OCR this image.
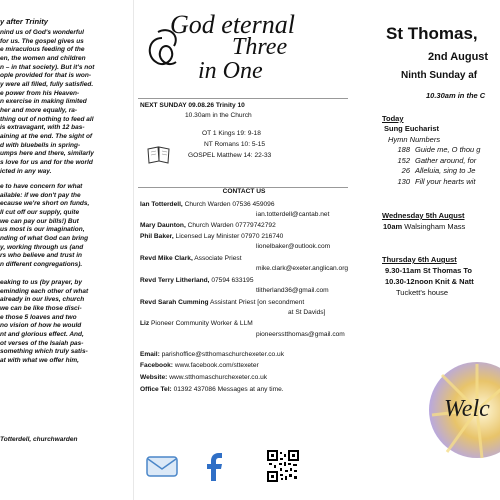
y after Trinity
nind us of God's wonderful
for us. The gospel gives us
e miraculous feeding of the
en, the women and children
n – in that society). But it's not
ople provided for that is won-
y were all filled, fully satisfied.
e power from his Heaven-
n exercise in making limited
her and more equally, ra-
thing out of nothing to feed all
is extravagant, with 12 bas-
aining at the end. The sight of
d with bluebells in spring-
umps here and there, similarly
s love for us and for the world
icted in any way.
e to have concern for what
ailable: if we don't pay the
ecause we're short on funds,
ll cut off our supply, quite
we can pay our bills!) But
us most is our imagination,
nding of what God can bring
y, working through us (and
rs who believe and trust in
n different congregations).
eaking to us (by prayer, by
eminding each other of what
already in our lives, church
we can be like those disci-
e those 5 loaves and two
no vision of how he would
nt and glorious effect. And,
ot verses of the Isaiah pas-
something which truly satis-
at with what we offer him,
Totterdell, churchwarden
God eternal
Three
in One
NEXT SUNDAY 09.08.26 Trinity 10
10.30am in the Church
OT 1 Kings 19: 9-18
NT Romans 10: 5-15
GOSPEL Matthew 14: 22-33
CONTACT US
Ian Totterdell, Church Warden 07536 459096
ian.totterdell@cantab.net
Mary Daunton, Church Warden 07779742792
Phil Baker, Licensed Lay Minister 07970 216740
lionelbaker@outlook.com
Revd Mike Clark, Associate Priest
mike.clark@exeter.anglican.org
Revd Terry Litherland, 07594 633195
tlitherland36@gmail.com
Revd Sarah Cumming Assistant Priest [on secondment
at St Davids]
Liz Pioneer Community Worker & LLM
pioneersstthomas@gmail.com
Email: parishoffice@stthomaschurchexeter.co.uk
Facebook: www.facebook.com/sttexeter
Website: www.stthomaschurchexeter.co.uk
Office Tel: 01392 437086 Messages at any time.
St Thomas,
2nd August
Ninth Sunday af
10.30am in the C
Today
Sung Eucharist
Hymn Numbers
188 Guide me, O thou g
152 Gather around, for
26 Alleluia, sing to Je
130 Fill your hearts wit
Wednesday 5th August
10am Walsingham Mass
Thursday 6th August
9.30-11am St Thomas To
10.30-12noon Knit & Natt
Tuckett's house
Welc
